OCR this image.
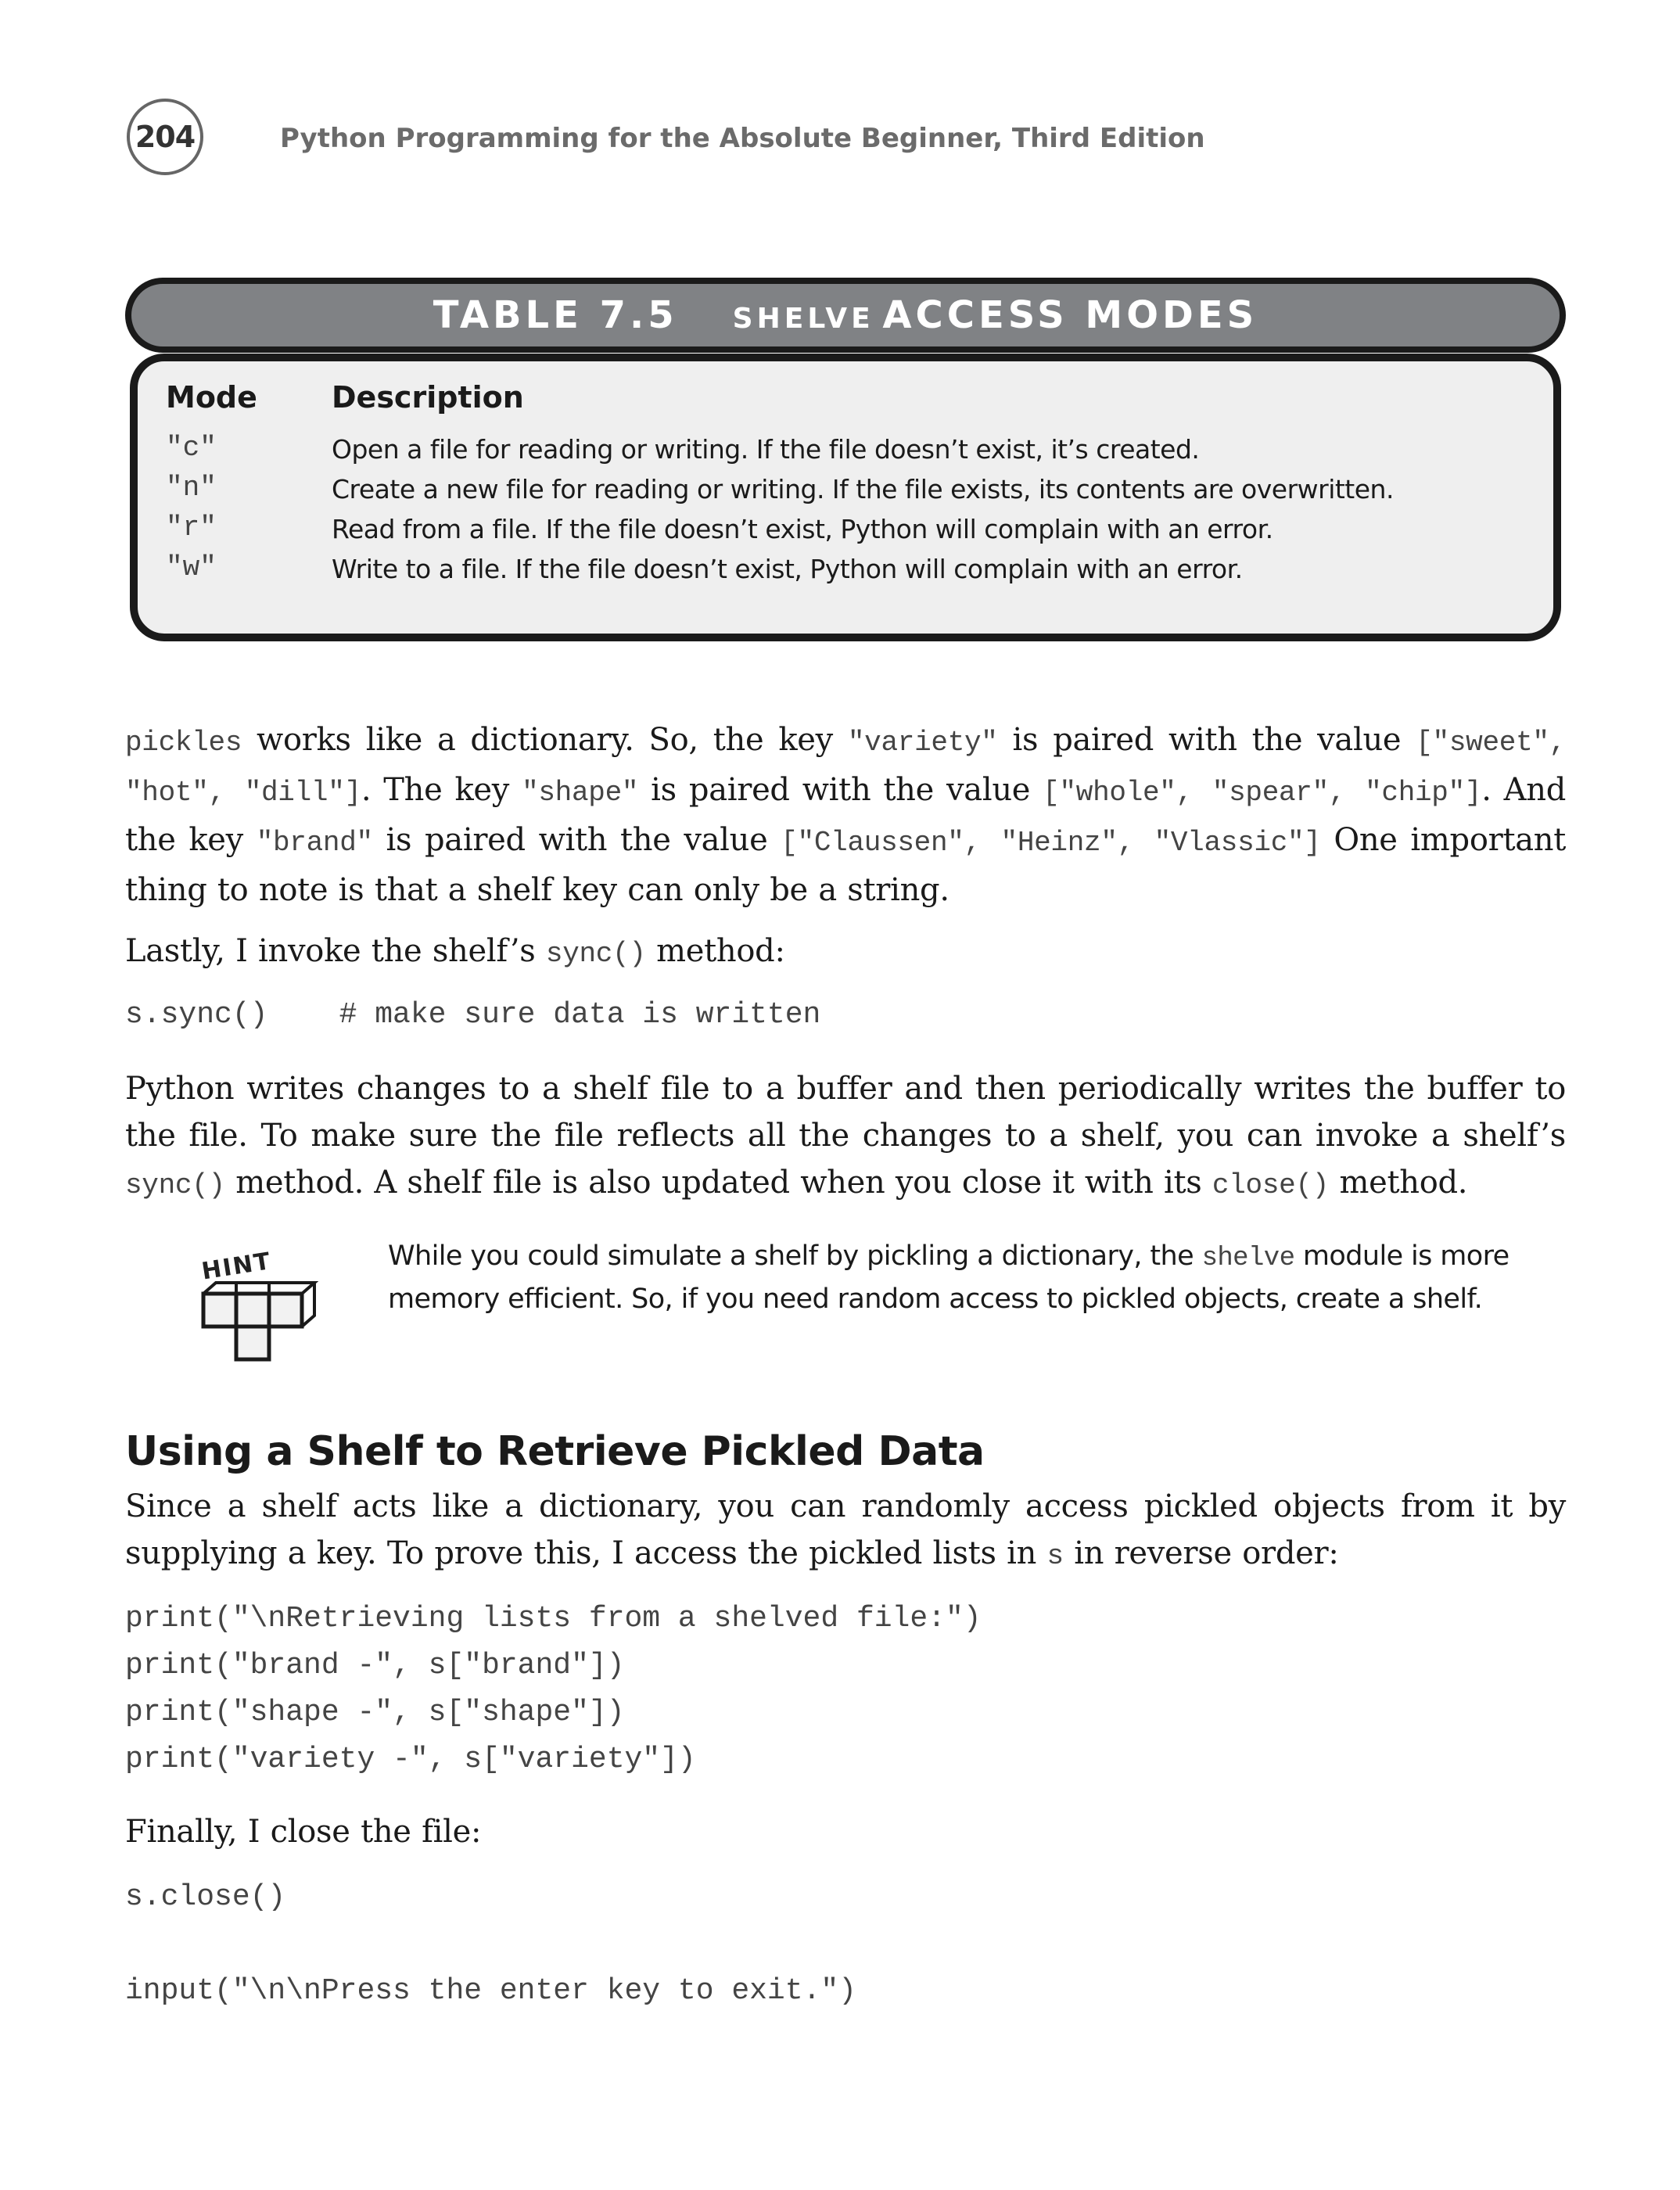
204	Python Programming for the Absolute Beginner, Third Edition
TABLE 7.5 SHELVE ACCESS MODES
Mode	Description
"c"	Open a file for reading or writing. If the file doesn’t exist, it’s created.
"n"	Create a new file for reading or writing. If the file exists, its contents are overwritten.
"r"	Read from a file. If the file doesn’t exist, Python will complain with an error.
"w"	Write to a file. If the file doesn’t exist, Python will complain with an error.
pickles works like a dictionary. So, the key "variety" is paired with the value ["sweet", "hot", "dill"]. The key "shape" is paired with the value ["whole", "spear", "chip"]. And the key "brand" is paired with the value ["Claussen", "Heinz", "Vlassic"] One important thing to note is that a shelf key can only be a string.
Lastly, I invoke the shelf’s sync() method:
s.sync()    # make sure data is written
Python writes changes to a shelf file to a buffer and then periodically writes the buffer to the file. To make sure the file reflects all the changes to a shelf, you can invoke a shelf’s sync() method. A shelf file is also updated when you close it with its close() method.
HINT	While you could simulate a shelf by pickling a dictionary, the shelve module is more memory efficient. So, if you need random access to pickled objects, create a shelf.
Using a Shelf to Retrieve Pickled Data
Since a shelf acts like a dictionary, you can randomly access pickled objects from it by supplying a key. To prove this, I access the pickled lists in s in reverse order:
print("\nRetrieving lists from a shelved file:")
print("brand -", s["brand"])
print("shape -", s["shape"])
print("variety -", s["variety"])
Finally, I close the file:
s.close()
input("\n\nPress the enter key to exit.")
